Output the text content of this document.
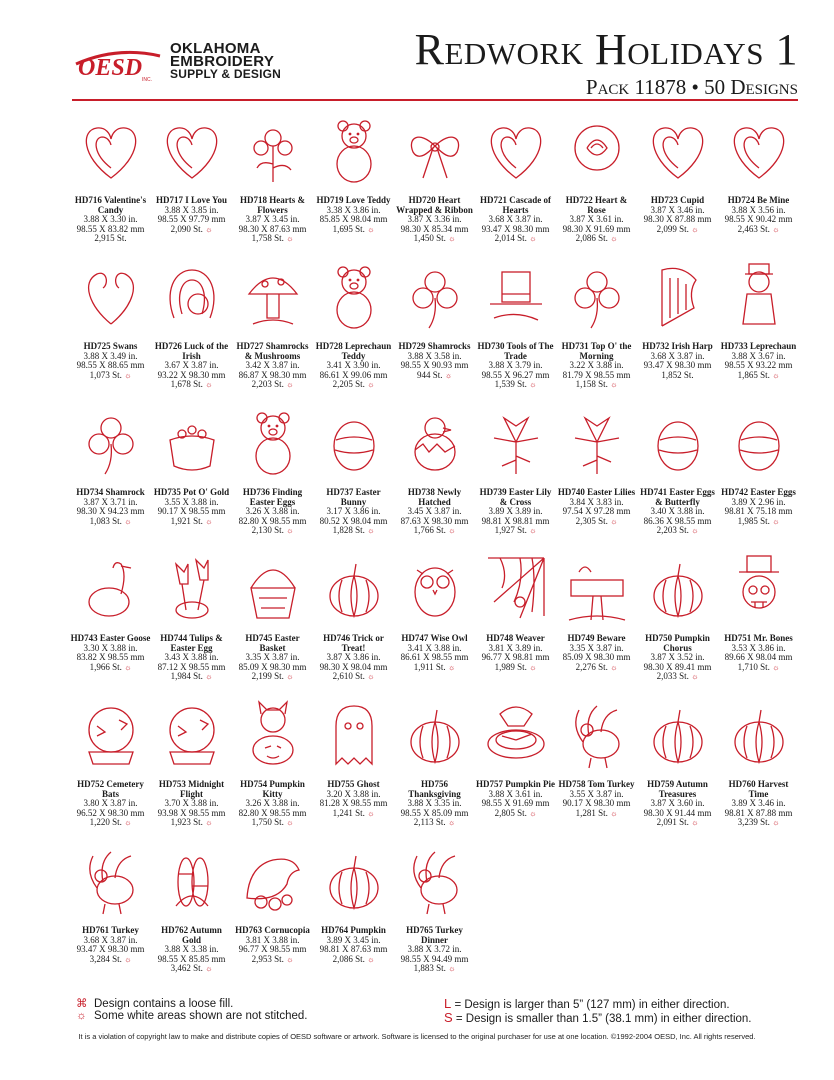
OESD INC.
OKLAHOMA
EMBROIDERY
SUPPLY & DESIGN	Redwork Holidays 1
Pack 11878 • 50 Designs
HD716 Valentine's Candy
3.88 X 3.30 in.
98.55 X 83.82 mm
2,915 St.
HD717 I Love You
3.88 X 3.85 in.
98.55 X 97.79 mm
2,090 St. ☼
HD718 Hearts & Flowers
3.87 X 3.45 in.
98.30 X 87.63 mm
1,758 St. ☼
HD719 Love Teddy
3.38 X 3.86 in.
85.85 X 98.04 mm
1,695 St. ☼
HD720 Heart Wrapped & Ribbon
3.87 X 3.36 in.
98.30 X 85.34 mm
1,450 St. ☼
HD721 Cascade of Hearts
3.68 X 3.87 in.
93.47 X 98.30 mm
2,014 St. ☼
HD722 Heart & Rose
3.87 X 3.61 in.
98.30 X 91.69 mm
2,086 St. ☼
HD723 Cupid
3.87 X 3.46 in.
98.30 X 87.88 mm
2,099 St. ☼
HD724 Be Mine
3.88 X 3.56 in.
98.55 X 90.42 mm
2,463 St. ☼
HD725 Swans
3.88 X 3.49 in.
98.55 X 88.65 mm
1,073 St. ☼
HD726 Luck of the Irish
3.67 X 3.87 in.
93.22 X 98.30 mm
1,678 St. ☼
HD727 Shamrocks & Mushrooms
3.42 X 3.87 in.
86.87 X 98.30 mm
2,203 St. ☼
HD728 Leprechaun Teddy
3.41 X 3.90 in.
86.61 X 99.06 mm
2,205 St. ☼
HD729 Shamrocks
3.88 X 3.58 in.
98.55 X 90.93 mm
944 St. ☼
HD730 Tools of The Trade
3.88 X 3.79 in.
98.55 X 96.27 mm
1,539 St. ☼
HD731 Top O' the Morning
3.22 X 3.88 in.
81.79 X 98.55 mm
1,158 St. ☼
HD732 Irish Harp
3.68 X 3.87 in.
93.47 X 98.30 mm
1,852 St.
HD733 Leprechaun
3.88 X 3.67 in.
98.55 X 93.22 mm
1,865 St. ☼
HD734 Shamrock
3.87 X 3.71 in.
98.30 X 94.23 mm
1,083 St. ☼
HD735 Pot O' Gold
3.55 X 3.88 in.
90.17 X 98.55 mm
1,921 St. ☼
HD736 Finding Easter Eggs
3.26 X 3.88 in.
82.80 X 98.55 mm
2,130 St. ☼
HD737 Easter Bunny
3.17 X 3.86 in.
80.52 X 98.04 mm
1,828 St. ☼
HD738 Newly Hatched
3.45 X 3.87 in.
87.63 X 98.30 mm
1,766 St. ☼
HD739 Easter Lily & Cross
3.89 X 3.89 in.
98.81 X 98.81 mm
1,927 St. ☼
HD740 Easter Lilies
3.84 X 3.83 in.
97.54 X 97.28 mm
2,305 St. ☼
HD741 Easter Eggs & Butterfly
3.40 X 3.88 in.
86.36 X 98.55 mm
2,203 St. ☼
HD742 Easter Eggs
3.89 X 2.96 in.
98.81 X 75.18 mm
1,985 St. ☼
HD743 Easter Goose
3.30 X 3.88 in.
83.82 X 98.55 mm
1,966 St. ☼
HD744 Tulips & Easter Egg
3.43 X 3.88 in.
87.12 X 98.55 mm
1,984 St. ☼
HD745 Easter Basket
3.35 X 3.87 in.
85.09 X 98.30 mm
2,199 St. ☼
HD746 Trick or Treat!
3.87 X 3.86 in.
98.30 X 98.04 mm
2,610 St. ☼
HD747 Wise Owl
3.41 X 3.88 in.
86.61 X 98.55 mm
1,911 St. ☼
HD748 Weaver
3.81 X 3.89 in.
96.77 X 98.81 mm
1,989 St. ☼
HD749 Beware
3.35 X 3.87 in.
85.09 X 98.30 mm
2,276 St. ☼
HD750 Pumpkin Chorus
3.87 X 3.52 in.
98.30 X 89.41 mm
2,033 St. ☼
HD751 Mr. Bones
3.53 X 3.86 in.
89.66 X 98.04 mm
1,710 St. ☼
HD752 Cemetery Bats
3.80 X 3.87 in.
96.52 X 98.30 mm
1,220 St. ☼
HD753 Midnight Flight
3.70 X 3.88 in.
93.98 X 98.55 mm
1,923 St. ☼
HD754 Pumpkin Kitty
3.26 X 3.88 in.
82.80 X 98.55 mm
1,750 St. ☼
HD755 Ghost
3.20 X 3.88 in.
81.28 X 98.55 mm
1,241 St. ☼
HD756 Thanksgiving
3.88 X 3.35 in.
98.55 X 85.09 mm
2,113 St. ☼
HD757 Pumpkin Pie
3.88 X 3.61 in.
98.55 X 91.69 mm
2,805 St. ☼
HD758 Tom Turkey
3.55 X 3.87 in.
90.17 X 98.30 mm
1,281 St. ☼
HD759 Autumn Treasures
3.87 X 3.60 in.
98.30 X 91.44 mm
2,091 St. ☼
HD760 Harvest Time
3.89 X 3.46 in.
98.81 X 87.88 mm
3,239 St. ☼
HD761 Turkey
3.68 X 3.87 in.
93.47 X 98.30 mm
3,284 St. ☼
HD762 Autumn Gold
3.88 X 3.38 in.
98.55 X 85.85 mm
3,462 St. ☼
HD763 Cornucopia
3.81 X 3.88 in.
96.77 X 98.55 mm
2,953 St. ☼
HD764 Pumpkin
3.89 X 3.45 in.
98.81 X 87.63 mm
2,086 St. ☼
HD765 Turkey Dinner
3.88 X 3.72 in.
98.55 X 94.49 mm
1,883 St. ☼
⌘ Design contains a loose fill.
☼ Some white areas shown are not stitched.
L = Design is larger than 5” (127 mm) in either direction.
S = Design is smaller than 1.5” (38.1 mm) in either direction.
It is a violation of copyright law to make and distribute copies of OESD software or artwork. Software is licensed to the original purchaser for use at one location. ©1992-2004 OESD, Inc. All rights reserved.
